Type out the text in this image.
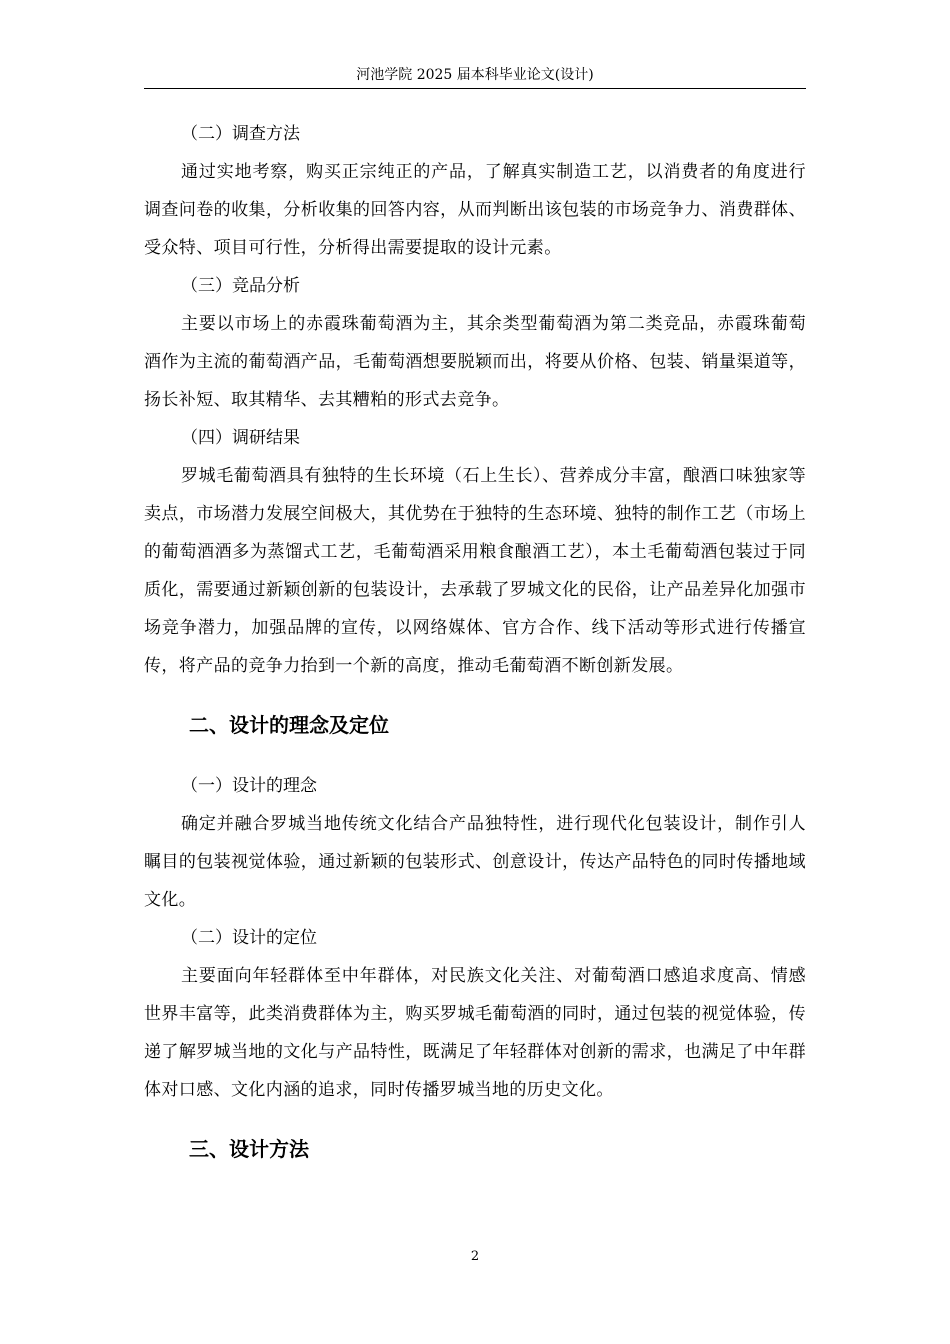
河池学院 2025 届本科毕业论文(设计)

（二）调查方法

通过实地考察，购买正宗纯正的产品，了解真实制造工艺，以消费者的角度进行调查问卷的收集，分析收集的回答内容，从而判断出该包装的市场竞争力、消费群体、受众特、项目可行性，分析得出需要提取的设计元素。

（三）竞品分析

主要以市场上的赤霞珠葡萄酒为主，其余类型葡萄酒为第二类竞品，赤霞珠葡萄酒作为主流的葡萄酒产品，毛葡萄酒想要脱颖而出，将要从价格、包装、销量渠道等，扬长补短、取其精华、去其糟粕的形式去竞争。

（四）调研结果

罗城毛葡萄酒具有独特的生长环境（石上生长）、营养成分丰富，酿酒口味独家等卖点，市场潜力发展空间极大，其优势在于独特的生态环境、独特的制作工艺（市场上的葡萄酒酒多为蒸馏式工艺，毛葡萄酒采用粮食酿酒工艺），本土毛葡萄酒包装过于同质化，需要通过新颖创新的包装设计，去承载了罗城文化的民俗，让产品差异化加强市场竞争潜力，加强品牌的宣传，以网络媒体、官方合作、线下活动等形式进行传播宣传，将产品的竞争力抬到一个新的高度，推动毛葡萄酒不断创新发展。

二、设计的理念及定位

（一）设计的理念

确定并融合罗城当地传统文化结合产品独特性，进行现代化包装设计，制作引人瞩目的包装视觉体验，通过新颖的包装形式、创意设计，传达产品特色的同时传播地域文化。

（二）设计的定位

主要面向年轻群体至中年群体，对民族文化关注、对葡萄酒口感追求度高、情感世界丰富等，此类消费群体为主，购买罗城毛葡萄酒的同时，通过包装的视觉体验，传递了解罗城当地的文化与产品特性，既满足了年轻群体对创新的需求，也满足了中年群体对口感、文化内涵的追求，同时传播罗城当地的历史文化。

三、设计方法
2
